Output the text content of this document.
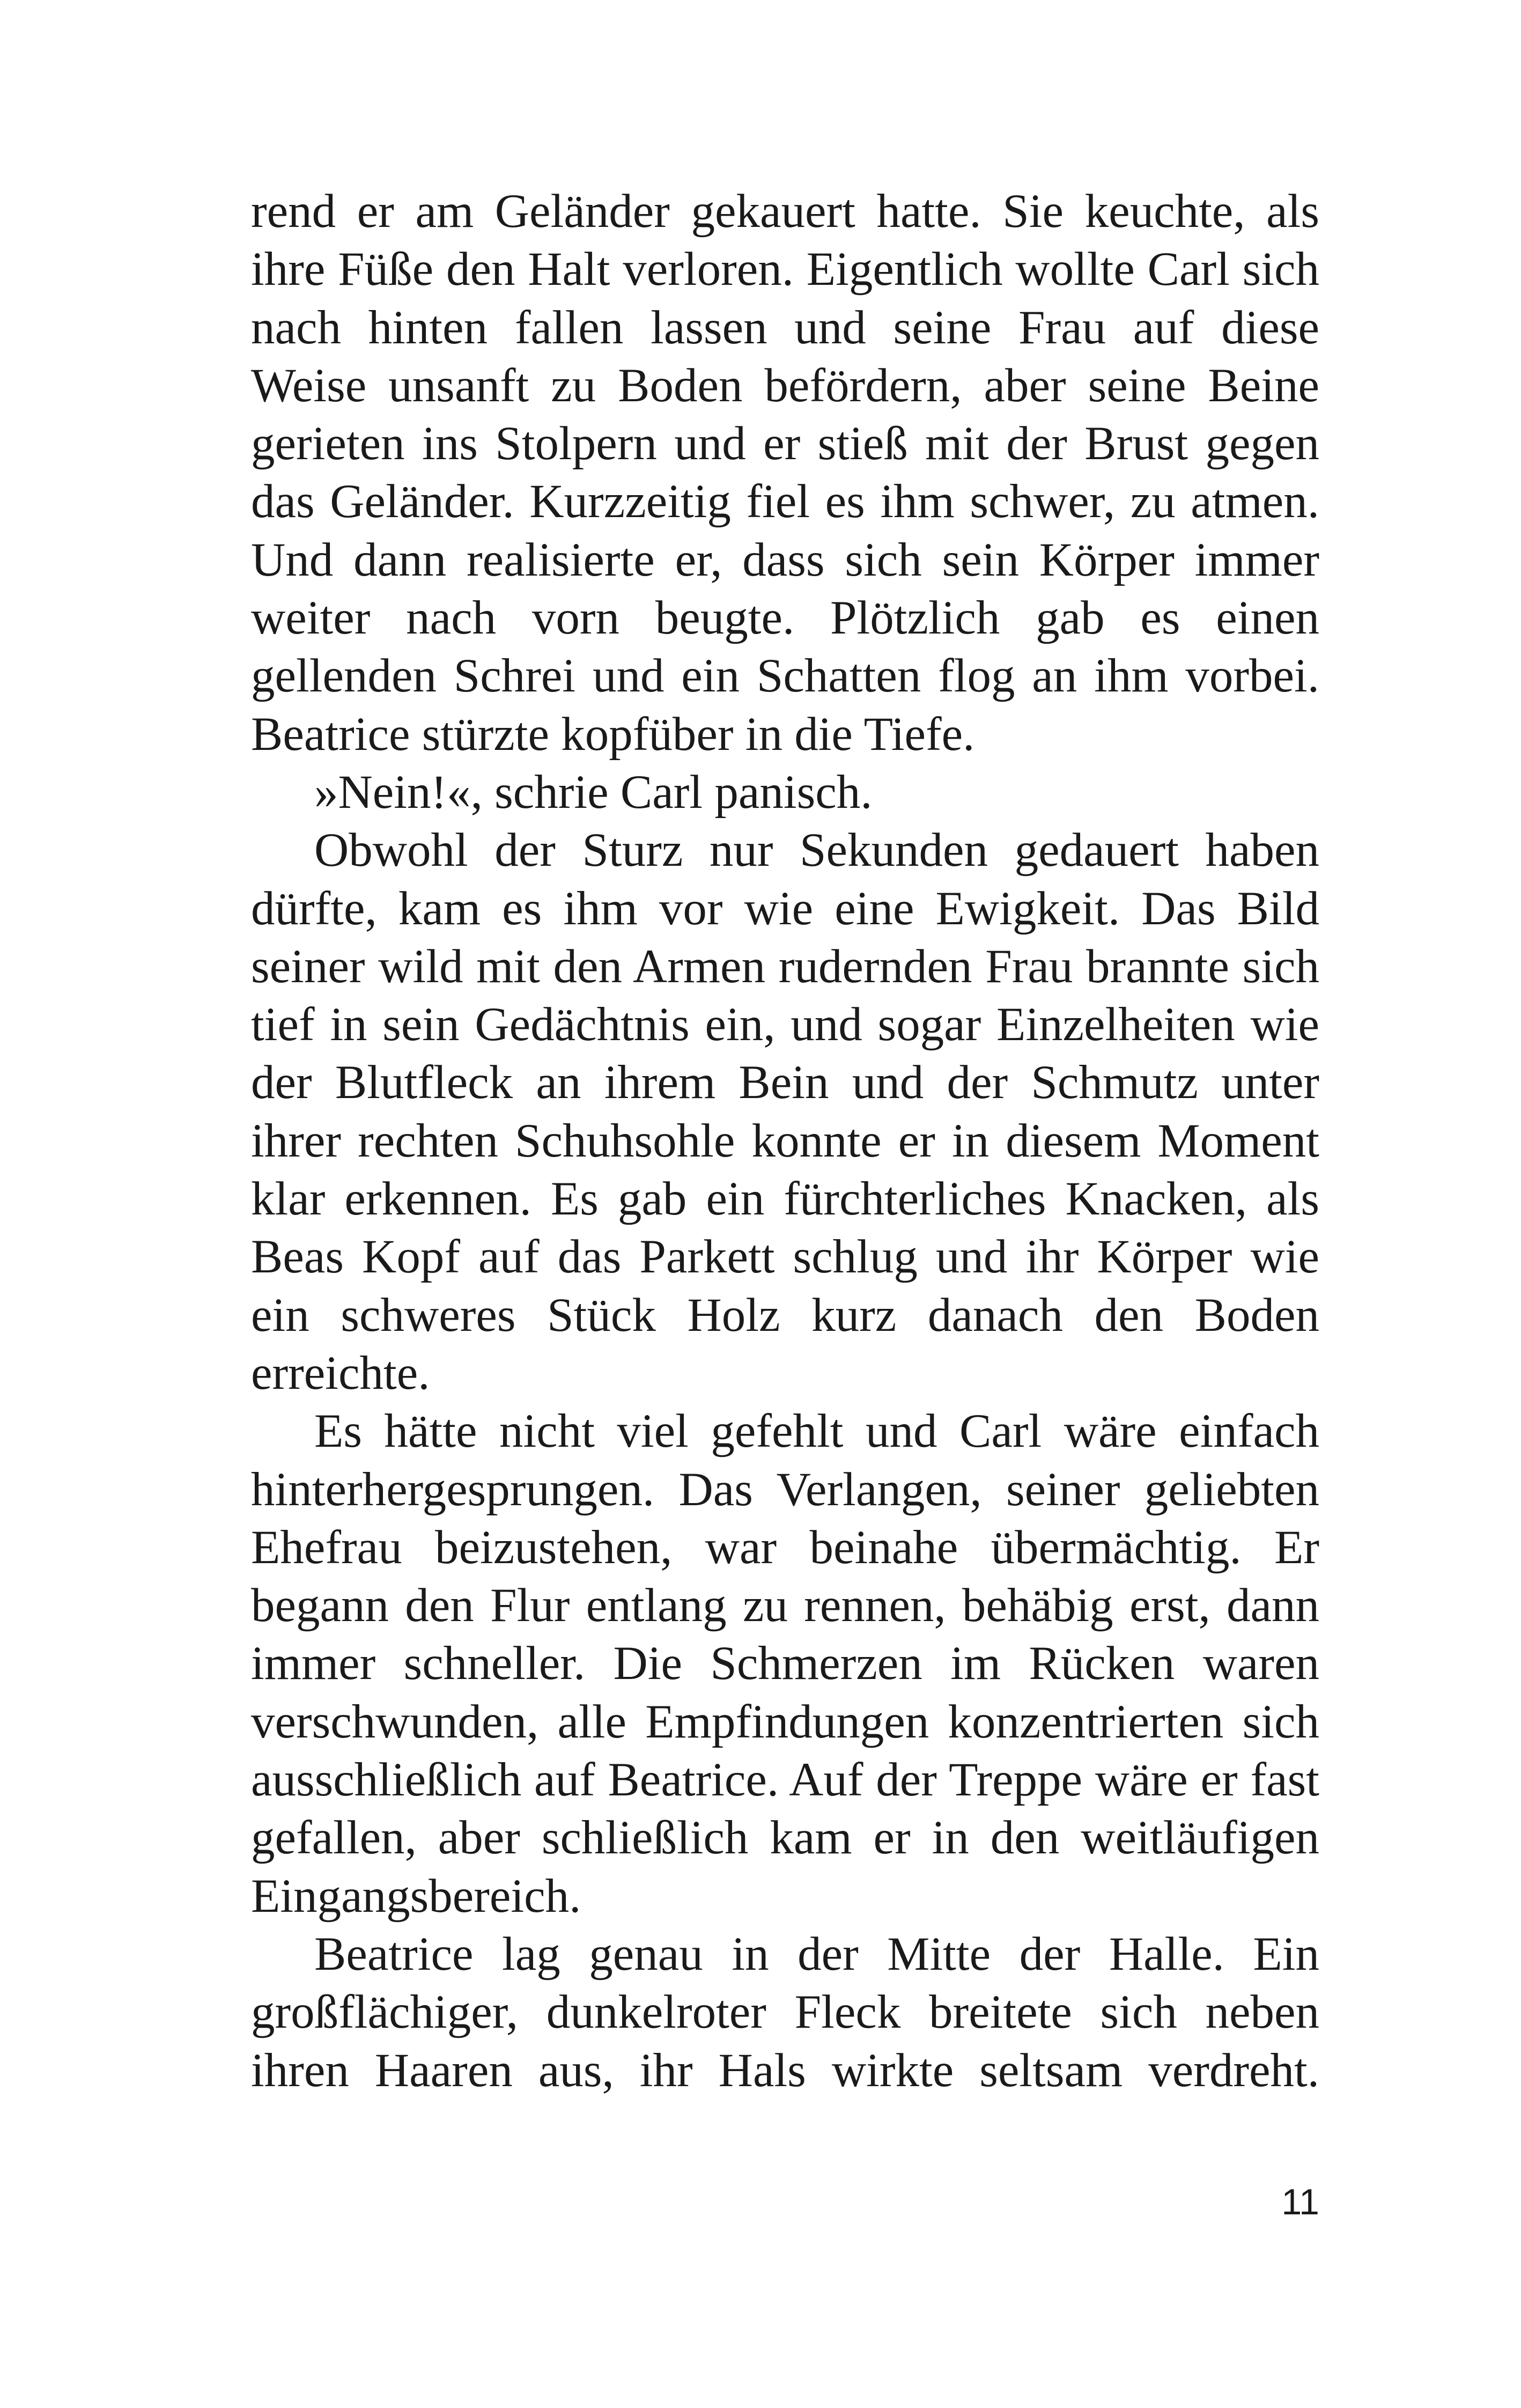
rend er am Geländer gekauert hatte. Sie keuchte, als ihre Füße den Halt verloren. Eigentlich wollte Carl sich nach hinten fallen lassen und seine Frau auf diese Weise unsanft zu Boden befördern, aber seine Beine gerieten ins Stolpern und er stieß mit der Brust gegen das Geländer. Kurzzeitig fiel es ihm schwer, zu atmen. Und dann realisierte er, dass sich sein Körper immer weiter nach vorn beugte. Plötzlich gab es einen gellenden Schrei und ein Schatten flog an ihm vorbei. Beatrice stürzte kopfüber in die Tiefe.

»Nein!«, schrie Carl panisch.

Obwohl der Sturz nur Sekunden gedauert haben dürfte, kam es ihm vor wie eine Ewigkeit. Das Bild seiner wild mit den Armen rudernden Frau brannte sich tief in sein Gedächtnis ein, und sogar Einzelheiten wie der Blutfleck an ihrem Bein und der Schmutz unter ihrer rechten Schuhsohle konnte er in diesem Moment klar erkennen. Es gab ein fürchterliches Knacken, als Beas Kopf auf das Parkett schlug und ihr Körper wie ein schweres Stück Holz kurz danach den Boden erreichte.

Es hätte nicht viel gefehlt und Carl wäre einfach hinterhergesprungen. Das Verlangen, seiner geliebten Ehefrau beizustehen, war beinahe übermächtig. Er begann den Flur entlang zu rennen, behäbig erst, dann immer schneller. Die Schmerzen im Rücken waren verschwunden, alle Empfindungen konzentrierten sich ausschließlich auf Beatrice. Auf der Treppe wäre er fast gefallen, aber schließlich kam er in den weitläufigen Eingangsbereich.

Beatrice lag genau in der Mitte der Halle. Ein großflächiger, dunkelroter Fleck breitete sich neben ihren Haaren aus, ihr Hals wirkte seltsam verdreht.

11
